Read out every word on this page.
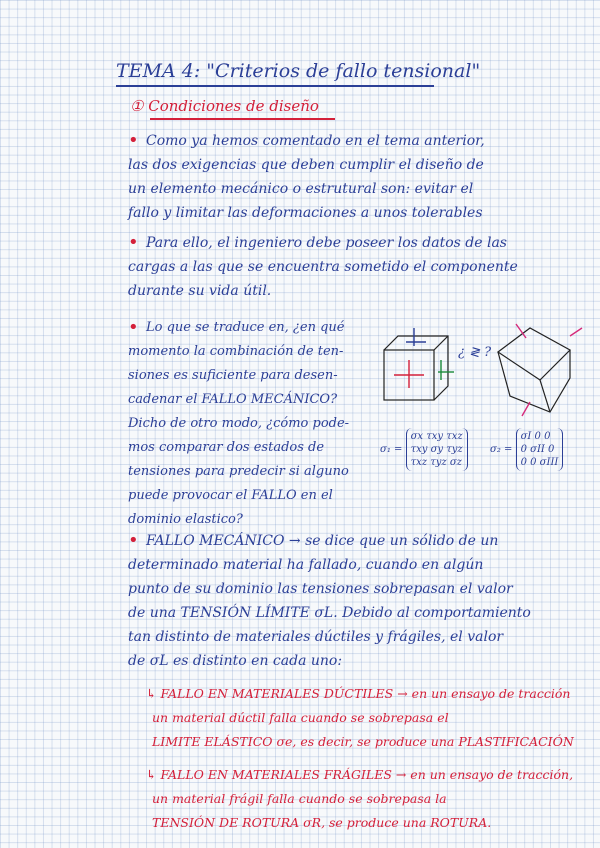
TEMA 4: "Criterios de fallo tensional"
① Condiciones de diseño
• Como ya hemos comentado en el tema anterior,
las dos exigencias que deben cumplir el diseño de
un elemento mecánico o estrutural son: evitar el
fallo y limitar las deformaciones a unos tolerables
• Para ello, el ingeniero debe poseer los datos de las
cargas a las que se encuentra sometido el componente
durante su vida útil.
• Lo que se traduce en, ¿en qué
momento la combinación de ten-
siones es suficiente para desen-
cadenar el FALLO MECÁNICO?
Dicho de otro modo, ¿cómo pode-
mos comparar dos estados de
tensiones para predecir si alguno
puede provocar el FALLO en el
dominio elastico?
¿ ≷ ?
σ₁ =
σx τxy τxz
τxy σy τyz
τxz τyz σz
σ₂ =
σI 0 0
0 σII 0
0 0 σIII
• FALLO MECÁNICO → se dice que un sólido de un
determinado material ha fallado, cuando en algún
punto de su dominio las tensiones sobrepasan el valor
de una TENSIÓN LÍMITE σL. Debido al comportamiento
tan distinto de materiales dúctiles y frágiles, el valor
de σL es distinto en cada uno:
↳ FALLO EN MATERIALES DÚCTILES → en un ensayo de tracción
un material dúctil falla cuando se sobrepasa el
LIMITE ELÁSTICO σe, es decir, se produce una PLASTIFICACIÓN
↳ FALLO EN MATERIALES FRÁGILES → en un ensayo de tracción,
un material frágil falla cuando se sobrepasa la
TENSIÓN DE ROTURA σR, se produce una ROTURA.
